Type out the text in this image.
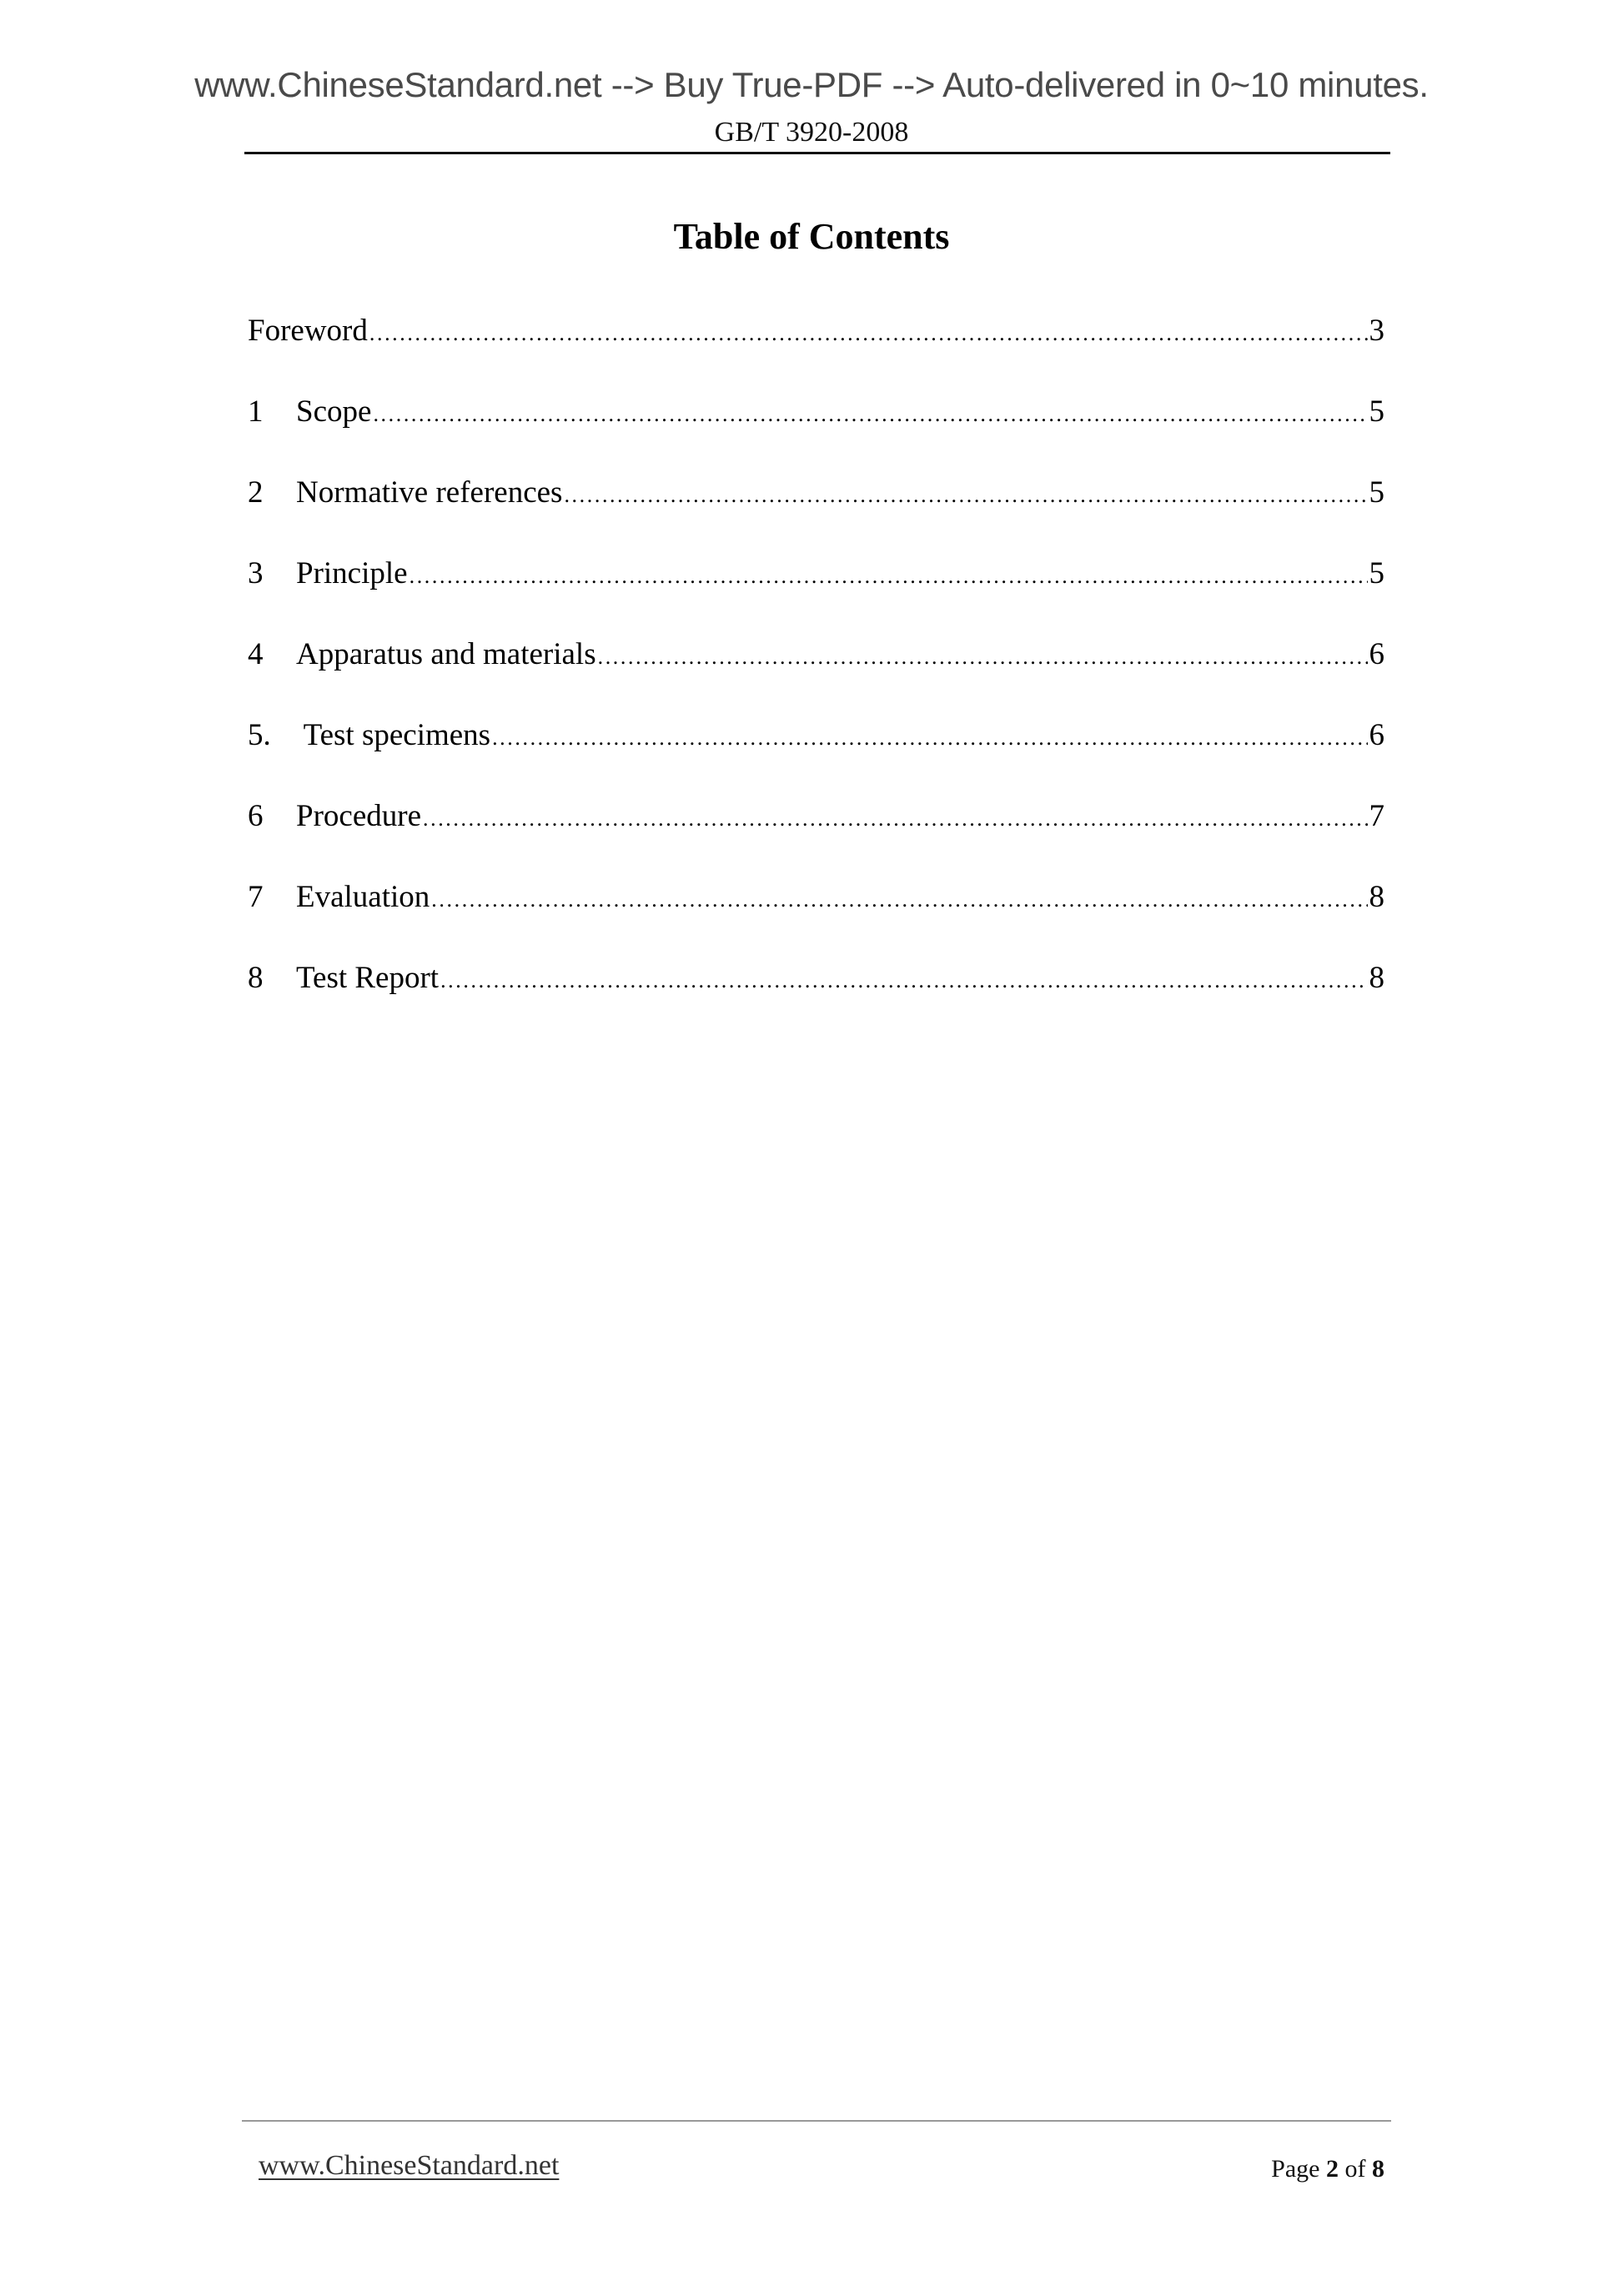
www.ChineseStandard.net --> Buy True-PDF --> Auto-delivered in 0~10 minutes.
GB/T 3920-2008
Table of Contents
Foreword .....	3
1	Scope .....	5
2	Normative references .....	5
3	Principle .....	5
4	Apparatus and materials .....	6
5. Test specimens .....	6
6	Procedure .....	7
7	Evaluation .....	8
8	Test Report .....	8
www.ChineseStandard.net	Page 2 of 8
